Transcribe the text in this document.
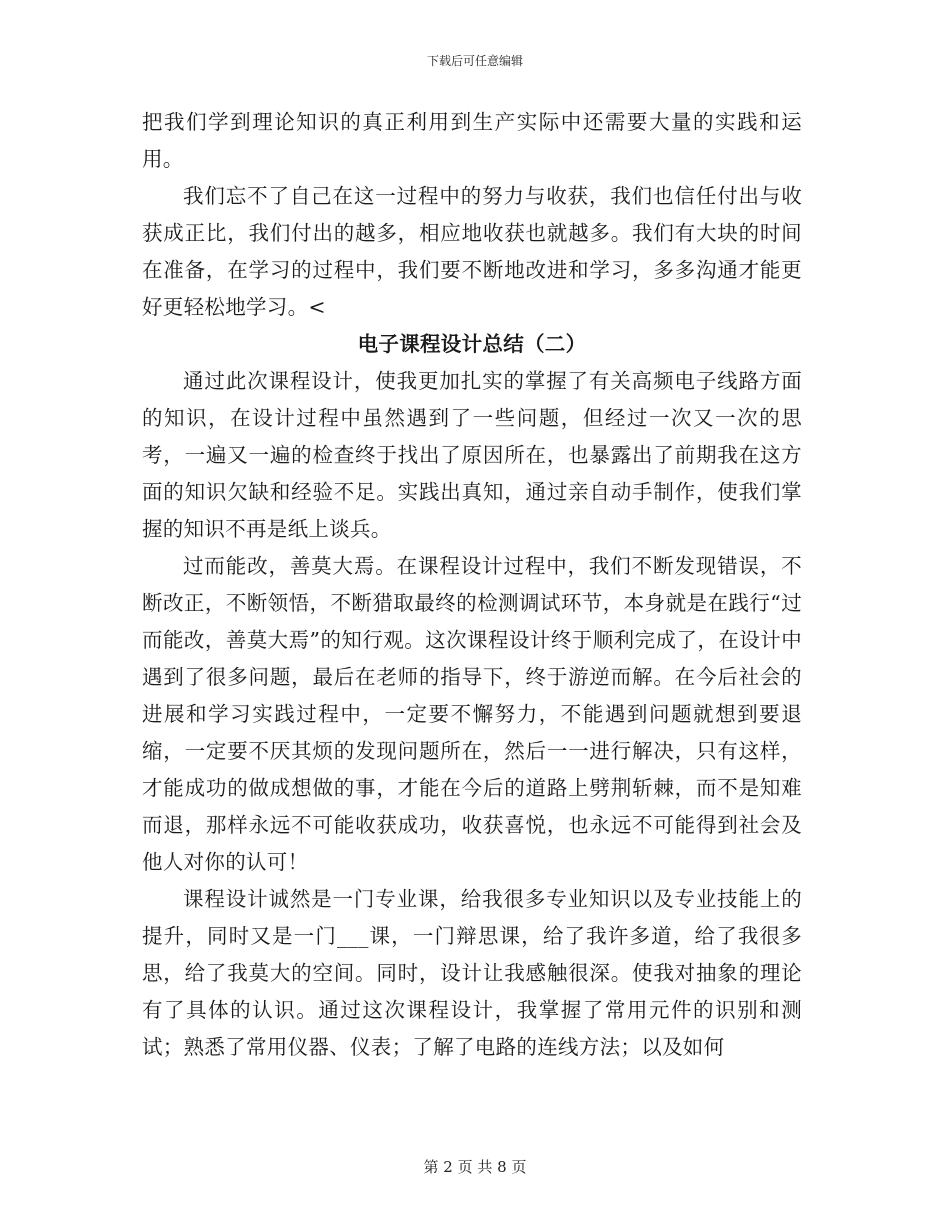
下载后可任意编辑

把我们学到理论知识的真正利用到生产实际中还需要大量的实践和运用。

我们忘不了自己在这一过程中的努力与收获，我们也信任付出与收获成正比，我们付出的越多，相应地收获也就越多。我们有大块的时间在准备，在学习的过程中，我们要不断地改进和学习，多多沟通才能更好更轻松地学习。<

电子课程设计总结（二）

通过此次课程设计，使我更加扎实的掌握了有关高频电子线路方面的知识，在设计过程中虽然遇到了一些问题，但经过一次又一次的思考，一遍又一遍的检查终于找出了原因所在，也暴露出了前期我在这方面的知识欠缺和经验不足。实践出真知，通过亲自动手制作，使我们掌握的知识不再是纸上谈兵。

过而能改，善莫大焉。在课程设计过程中，我们不断发现错误，不断改正，不断领悟，不断猎取最终的检测调试环节，本身就是在践行“过而能改，善莫大焉”的知行观。这次课程设计终于顺利完成了，在设计中遇到了很多问题，最后在老师的指导下，终于游逆而解。在今后社会的进展和学习实践过程中，一定要不懈努力，不能遇到问题就想到要退缩，一定要不厌其烦的发现问题所在，然后一一进行解决，只有这样，才能成功的做成想做的事，才能在今后的道路上劈荆斩棘，而不是知难而退，那样永远不可能收获成功，收获喜悦，也永远不可能得到社会及他人对你的认可！

课程设计诚然是一门专业课，给我很多专业知识以及专业技能上的提升，同时又是一门___课，一门辩思课，给了我许多道，给了我很多思，给了我莫大的空间。同时，设计让我感触很深。使我对抽象的理论有了具体的认识。通过这次课程设计，我掌握了常用元件的识别和测试；熟悉了常用仪器、仪表；了解了电路的连线方法；以及如何

第 2 页 共 8 页
